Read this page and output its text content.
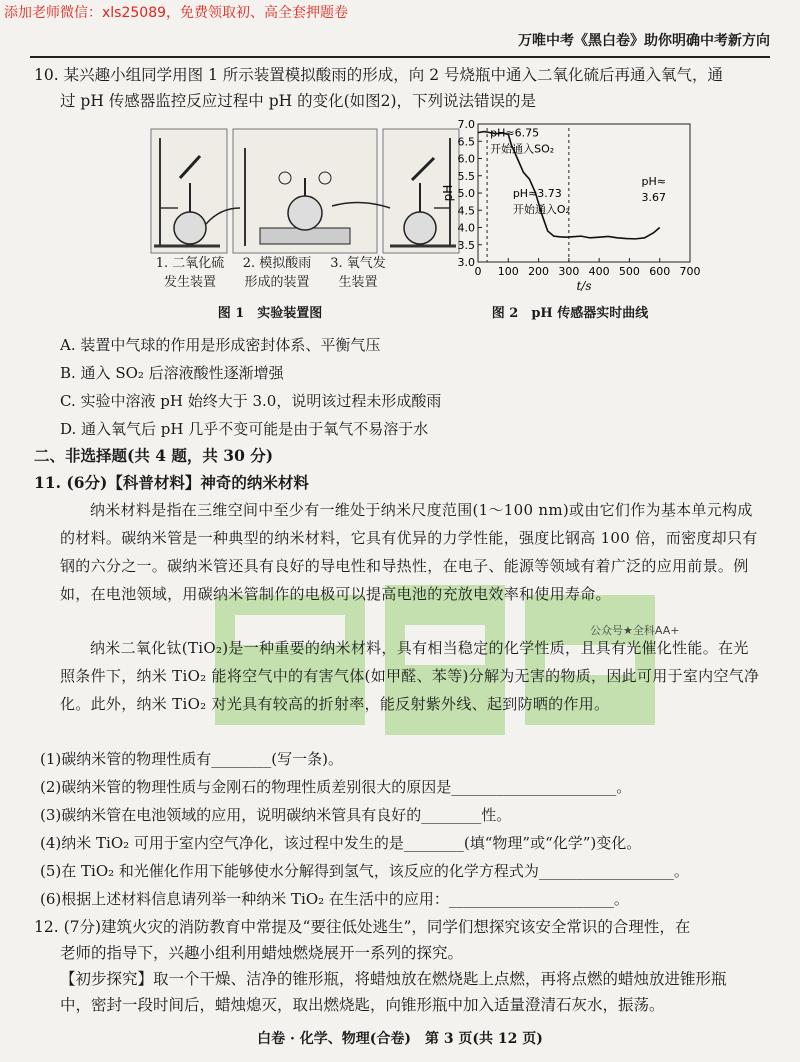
添加老师微信：xls25089，免费领取初、高全套押题卷
万唯中考《黑白卷》助你明确中考新方向
10. 某兴趣小组同学用图 1 所示装置模拟酸雨的形成，向 2 号烧瓶中通入二氧化硫后再通入氧气，通
过 pH 传感器监控反应过程中 pH 的变化(如图2)，下列说法错误的是
1. 二氧化硫
发生装置
2. 模拟酸雨
形成的装置
3. 氧气发
生装置
图 1　实验装置图
3.0
3.5
4.0
4.5
5.0
5.5
6.0
6.5
7.0
0 100 200 300 400 500 600 700
pH
t/s
pH≈6.75
开始通入SO₂
pH≈3.73
开始通入O₂
pH≈
3.67
图 2　pH 传感器实时曲线
A. 装置中气球的作用是形成密封体系、平衡气压
B. 通入 SO₂ 后溶液酸性逐渐增强
C. 实验中溶液 pH 始终大于 3.0，说明该过程未形成酸雨
D. 通入氧气后 pH 几乎不变可能是由于氧气不易溶于水
二、非选择题(共 4 题，共 30 分)
11. (6分)【科普材料】神奇的纳米材料
纳米材料是指在三维空间中至少有一维处于纳米尺度范围(1～100 nm)或由它们作为基本单元构成的材料。碳纳米管是一种典型的纳米材料，它具有优异的力学性能，强度比钢高 100 倍，而密度却只有钢的六分之一。碳纳米管还具有良好的导电性和导热性，在电子、能源等领域有着广泛的应用前景。例如，在电池领域，用碳纳米管制作的电极可以提高电池的充放电效率和使用寿命。
纳米二氧化钛(TiO₂)是一种重要的纳米材料，具有相当稳定的化学性质，且具有光催化性能。在光照条件下，纳米 TiO₂ 能将空气中的有害气体(如甲醛、苯等)分解为无害的物质，因此可用于室内空气净化。此外，纳米 TiO₂ 对光具有较高的折射率，能反射紫外线、起到防晒的作用。
公众号★全科AA+
(1)碳纳米管的物理性质有________(写一条)。
(2)碳纳米管的物理性质与金刚石的物理性质差别很大的原因是______________________。
(3)碳纳米管在电池领域的应用，说明碳纳米管具有良好的________性。
(4)纳米 TiO₂ 可用于室内空气净化，该过程中发生的是________(填“物理”或“化学”)变化。
(5)在 TiO₂ 和光催化作用下能够使水分解得到氢气，该反应的化学方程式为__________________。
(6)根据上述材料信息请列举一种纳米 TiO₂ 在生活中的应用：______________________。
12. (7分)建筑火灾的消防教育中常提及“要往低处逃生”，同学们想探究该安全常识的合理性，在
老师的指导下，兴趣小组利用蜡烛燃烧展开一系列的探究。
【初步探究】取一个干燥、洁净的锥形瓶，将蜡烛放在燃烧匙上点燃，再将点燃的蜡烛放进锥形瓶
中，密封一段时间后，蜡烛熄灭，取出燃烧匙，向锥形瓶中加入适量澄清石灰水，振荡。
白卷 · 化学、物理(合卷)　第 3 页(共 12 页)
